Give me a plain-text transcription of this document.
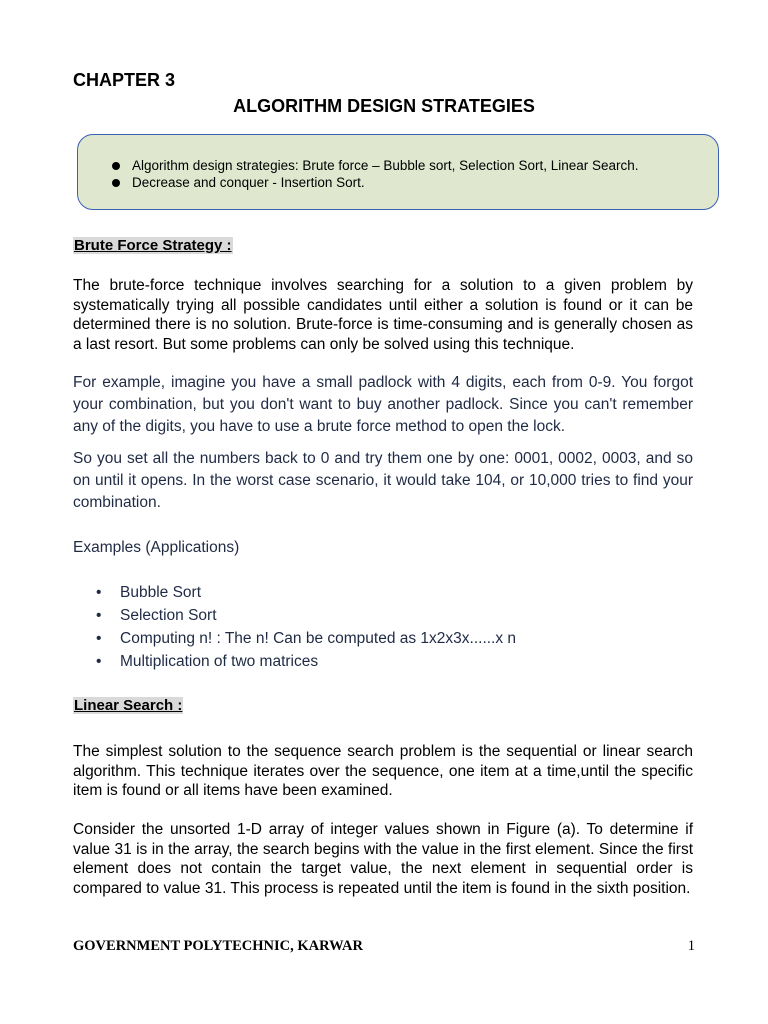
CHAPTER 3
ALGORITHM DESIGN STRATEGIES
Algorithm design strategies: Brute force – Bubble sort, Selection Sort, Linear Search.
Decrease and conquer - Insertion Sort.
Brute Force Strategy :
The brute-force technique involves searching for a solution to a given problem by systematically trying all possible candidates until either a solution is found or it can be determined there is no solution. Brute-force is time-consuming and is generally chosen as a last resort. But some problems can only be solved using this technique.
For example, imagine you have a small padlock with 4 digits, each from 0-9. You forgot your combination, but you don't want to buy another padlock. Since you can't remember any of the digits, you have to use a brute force method to open the lock.
So you set all the numbers back to 0 and try them one by one: 0001, 0002, 0003, and so on until it opens. In the worst case scenario, it would take 104, or 10,000 tries to find your combination.
Examples (Applications)
•	Bubble Sort
•	Selection Sort
•	Computing n! : The n! Can be computed as 1x2x3x......x n
•	Multiplication of two matrices
Linear Search :
The simplest solution to the sequence search problem is the sequential or linear search algorithm. This technique iterates over the sequence, one item at a time,until the specific item is found or all items have been examined.
Consider the unsorted 1-D array of integer values shown in Figure (a). To determine if value 31 is in the array, the search begins with the value in the first element. Since the first element does not contain the target value, the next element in sequential order is compared to value 31. This process is repeated until the item is found in the sixth position.
GOVERNMENT POLYTECHNIC, KARWAR	1
